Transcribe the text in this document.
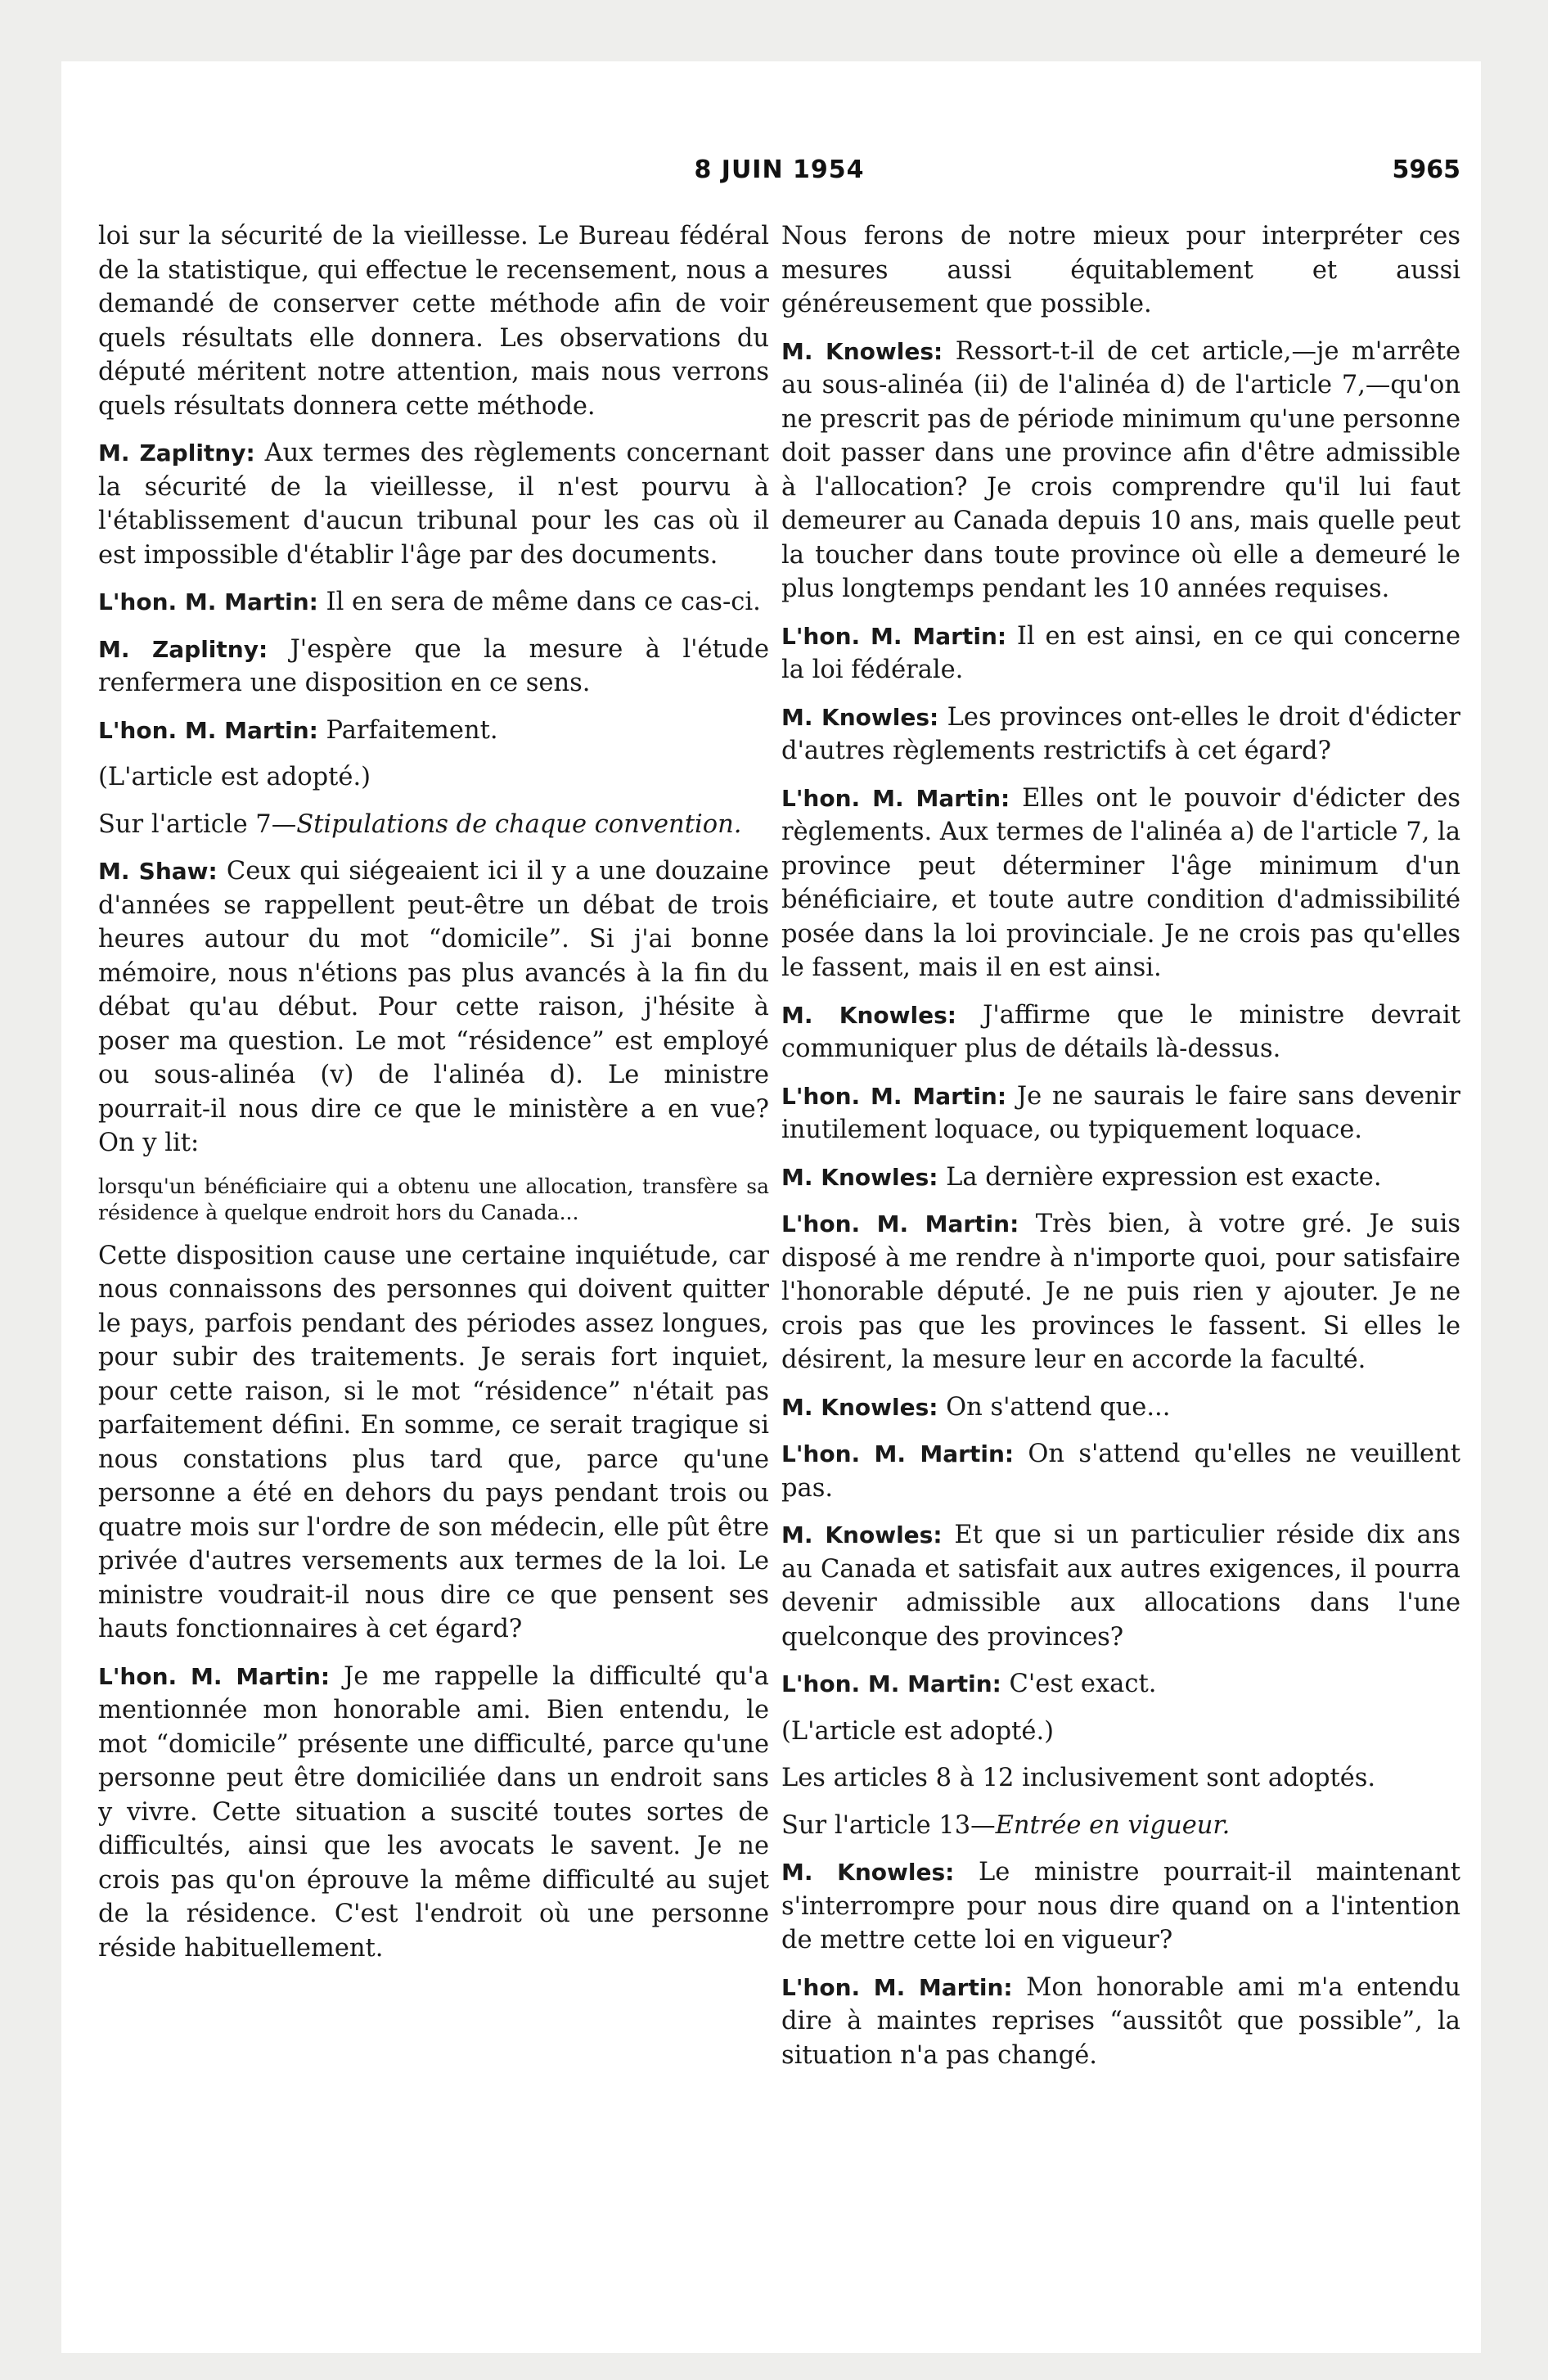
8 JUIN 1954	5965

loi sur la sécurité de la vieillesse. Le Bureau fédéral de la statistique, qui effectue le recensement, nous a demandé de conserver cette méthode afin de voir quels résultats elle donnera. Les observations du député méritent notre attention, mais nous verrons quels résultats donnera cette méthode.

M. Zaplitny: Aux termes des règlements concernant la sécurité de la vieillesse, il n'est pourvu à l'établissement d'aucun tribunal pour les cas où il est impossible d'établir l'âge par des documents.

L'hon. M. Martin: Il en sera de même dans ce cas-ci.

M. Zaplitny: J'espère que la mesure à l'étude renfermera une disposition en ce sens.

L'hon. M. Martin: Parfaitement.

(L'article est adopté.)

Sur l'article 7—Stipulations de chaque convention.

M. Shaw: Ceux qui siégeaient ici il y a une douzaine d'années se rappellent peut-être un débat de trois heures autour du mot “domicile”. Si j'ai bonne mémoire, nous n'étions pas plus avancés à la fin du débat qu'au début. Pour cette raison, j'hésite à poser ma question. Le mot “résidence” est employé ou sous-alinéa (v) de l'alinéa d). Le ministre pourrait-il nous dire ce que le ministère a en vue? On y lit:

lorsqu'un bénéficiaire qui a obtenu une allocation, transfère sa résidence à quelque endroit hors du Canada...

Cette disposition cause une certaine inquiétude, car nous connaissons des personnes qui doivent quitter le pays, parfois pendant des périodes assez longues, pour subir des traitements. Je serais fort inquiet, pour cette raison, si le mot “résidence” n'était pas parfaitement défini. En somme, ce serait tragique si nous constations plus tard que, parce qu'une personne a été en dehors du pays pendant trois ou quatre mois sur l'ordre de son médecin, elle pût être privée d'autres versements aux termes de la loi. Le ministre voudrait-il nous dire ce que pensent ses hauts fonctionnaires à cet égard?

L'hon. M. Martin: Je me rappelle la difficulté qu'a mentionnée mon honorable ami. Bien entendu, le mot “domicile” présente une difficulté, parce qu'une personne peut être domiciliée dans un endroit sans y vivre. Cette situation a suscité toutes sortes de difficultés, ainsi que les avocats le savent. Je ne crois pas qu'on éprouve la même difficulté au sujet de la résidence. C'est l'endroit où une personne réside habituellement.

Nous ferons de notre mieux pour interpréter ces mesures aussi équitablement et aussi généreusement que possible.

M. Knowles: Ressort-t-il de cet article,—je m'arrête au sous-alinéa (ii) de l'alinéa d) de l'article 7,—qu'on ne prescrit pas de période minimum qu'une personne doit passer dans une province afin d'être admissible à l'allocation? Je crois comprendre qu'il lui faut demeurer au Canada depuis 10 ans, mais quelle peut la toucher dans toute province où elle a demeuré le plus longtemps pendant les 10 années requises.

L'hon. M. Martin: Il en est ainsi, en ce qui concerne la loi fédérale.

M. Knowles: Les provinces ont-elles le droit d'édicter d'autres règlements restrictifs à cet égard?

L'hon. M. Martin: Elles ont le pouvoir d'édicter des règlements. Aux termes de l'alinéa a) de l'article 7, la province peut déterminer l'âge minimum d'un bénéficiaire, et toute autre condition d'admissibilité posée dans la loi provinciale. Je ne crois pas qu'elles le fassent, mais il en est ainsi.

M. Knowles: J'affirme que le ministre devrait communiquer plus de détails là-dessus.

L'hon. M. Martin: Je ne saurais le faire sans devenir inutilement loquace, ou typiquement loquace.

M. Knowles: La dernière expression est exacte.

L'hon. M. Martin: Très bien, à votre gré. Je suis disposé à me rendre à n'importe quoi, pour satisfaire l'honorable député. Je ne puis rien y ajouter. Je ne crois pas que les provinces le fassent. Si elles le désirent, la mesure leur en accorde la faculté.

M. Knowles: On s'attend que...

L'hon. M. Martin: On s'attend qu'elles ne veuillent pas.

M. Knowles: Et que si un particulier réside dix ans au Canada et satisfait aux autres exigences, il pourra devenir admissible aux allocations dans l'une quelconque des provinces?

L'hon. M. Martin: C'est exact.

(L'article est adopté.)

Les articles 8 à 12 inclusivement sont adoptés.

Sur l'article 13—Entrée en vigueur.

M. Knowles: Le ministre pourrait-il maintenant s'interrompre pour nous dire quand on a l'intention de mettre cette loi en vigueur?

L'hon. M. Martin: Mon honorable ami m'a entendu dire à maintes reprises “aussitôt que possible”, la situation n'a pas changé.
